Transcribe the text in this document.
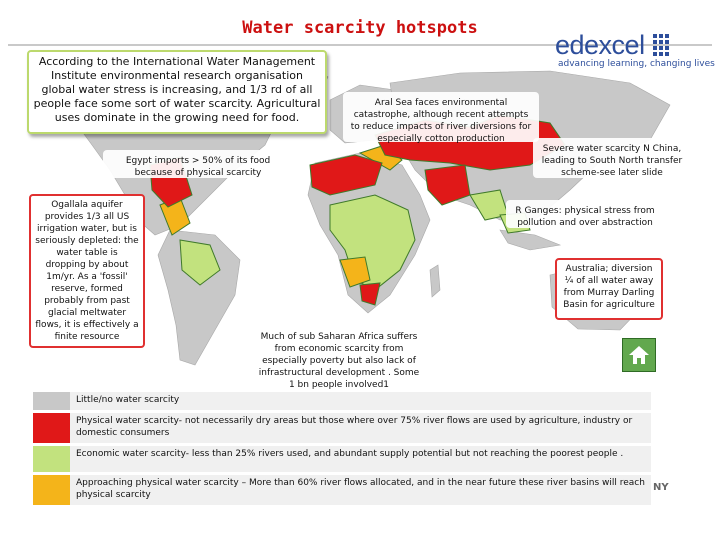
Water scarcity hotspots
edexcel
advancing learning, changing lives
According to the International Water Management Institute environmental research organisation global water stress is increasing, and 1/3 rd of all people face some sort of water scarcity. Agricultural uses dominate in the growing need for food.
Aral Sea faces environmental catastrophe, although recent attempts to reduce impacts of river diversions for especially cotton production
Severe water scarcity N China, leading to South North transfer scheme-see later slide
Egypt imports > 50% of its food because of physical scarcity
R Ganges: physical stress from pollution and over abstraction
Ogallala aquifer provides 1/3 all US irrigation water, but is seriously depleted: the water table is dropping by about 1m/yr. As a 'fossil' reserve, formed probably from past glacial meltwater flows, it is effectively a finite resource
Australia; diversion ¼ of all water away from Murray Darling Basin for agriculture
Much of sub Saharan Africa suffers from economic scarcity from especially poverty but also lack of infrastructural development . Some 1 bn people involved1
Little/no water scarcity
Physical water scarcity- not necessarily dry areas but those where over 75% river flows are used by agriculture, industry or domestic consumers
Economic water scarcity- less than 25% rivers used, and abundant supply potential but not reaching the poorest people .
Approaching physical water scarcity – More than 60% river flows allocated, and in the near future these river basins will reach physical scarcity
NY
